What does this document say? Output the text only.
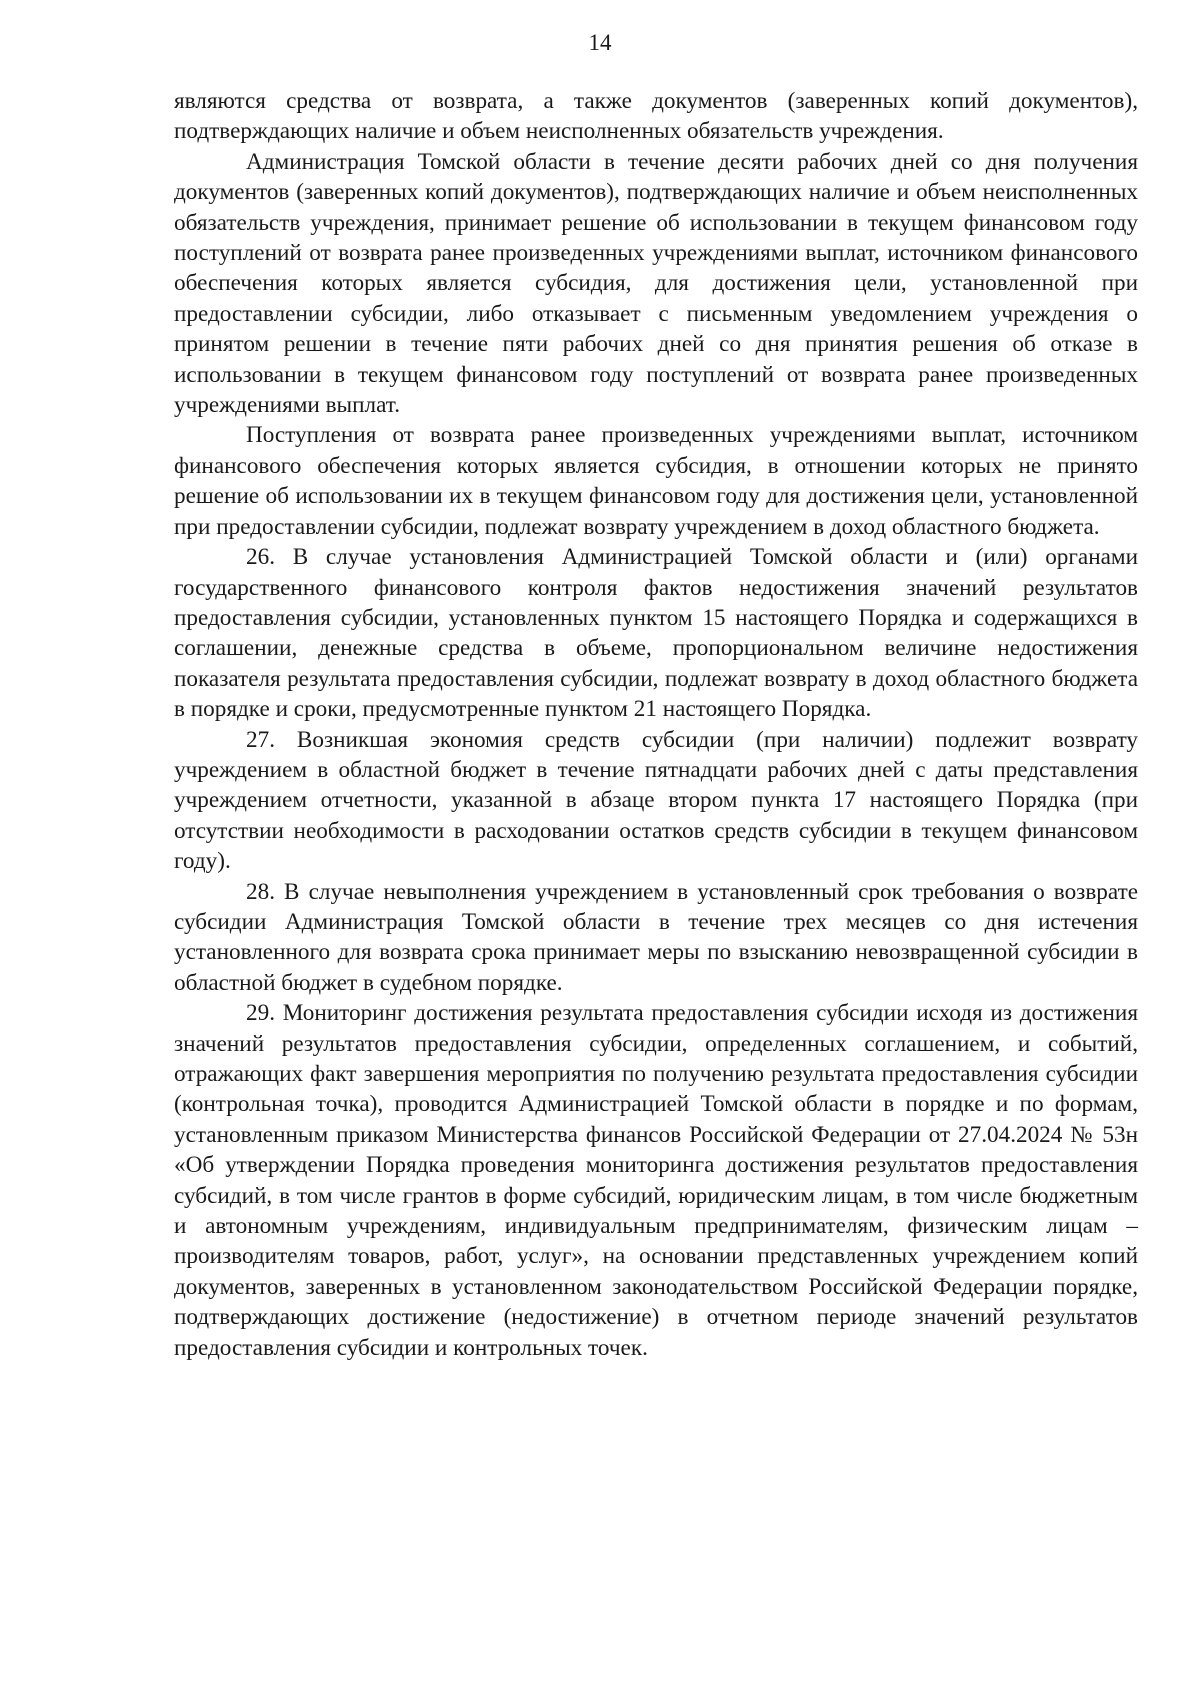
14

являются средства от возврата, а также документов (заверенных копий документов), подтверждающих наличие и объем неисполненных обязательств учреждения.

Администрация Томской области в течение десяти рабочих дней со дня получения документов (заверенных копий документов), подтверждающих наличие и объем неисполненных обязательств учреждения, принимает решение об использовании в текущем финансовом году поступлений от возврата ранее произведенных учреждениями выплат, источником финансового обеспечения которых является субсидия, для достижения цели, установленной при предоставлении субсидии, либо отказывает с письменным уведомлением учреждения о принятом решении в течение пяти рабочих дней со дня принятия решения об отказе в использовании в текущем финансовом году поступлений от возврата ранее произведенных учреждениями выплат.

Поступления от возврата ранее произведенных учреждениями выплат, источником финансового обеспечения которых является субсидия, в отношении которых не принято решение об использовании их в текущем финансовом году для достижения цели, установленной при предоставлении субсидии, подлежат возврату учреждением в доход областного бюджета.

26. В случае установления Администрацией Томской области и (или) органами государственного финансового контроля фактов недостижения значений результатов предоставления субсидии, установленных пунктом 15 настоящего Порядка и содержащихся в соглашении, денежные средства в объеме, пропорциональном величине недостижения показателя результата предоставления субсидии, подлежат возврату в доход областного бюджета в порядке и сроки, предусмотренные пунктом 21 настоящего Порядка.

27. Возникшая экономия средств субсидии (при наличии) подлежит возврату учреждением в областной бюджет в течение пятнадцати рабочих дней с даты представления учреждением отчетности, указанной в абзаце втором пункта 17 настоящего Порядка (при отсутствии необходимости в расходовании остатков средств субсидии в текущем финансовом году).

28. В случае невыполнения учреждением в установленный срок требования о возврате субсидии Администрация Томской области в течение трех месяцев со дня истечения установленного для возврата срока принимает меры по взысканию невозвращенной субсидии в областной бюджет в судебном порядке.

29. Мониторинг достижения результата предоставления субсидии исходя из достижения значений результатов предоставления субсидии, определенных соглашением, и событий, отражающих факт завершения мероприятия по получению результата предоставления субсидии (контрольная точка), проводится Администрацией Томской области в порядке и по формам, установленным приказом Министерства финансов Российской Федерации от 27.04.2024 № 53н «Об утверждении Порядка проведения мониторинга достижения результатов предоставления субсидий, в том числе грантов в форме субсидий, юридическим лицам, в том числе бюджетным и автономным учреждениям, индивидуальным предпринимателям, физическим лицам – производителям товаров, работ, услуг», на основании представленных учреждением копий документов, заверенных в установленном законодательством Российской Федерации порядке, подтверждающих достижение (недостижение) в отчетном периоде значений результатов предоставления субсидии и контрольных точек.
